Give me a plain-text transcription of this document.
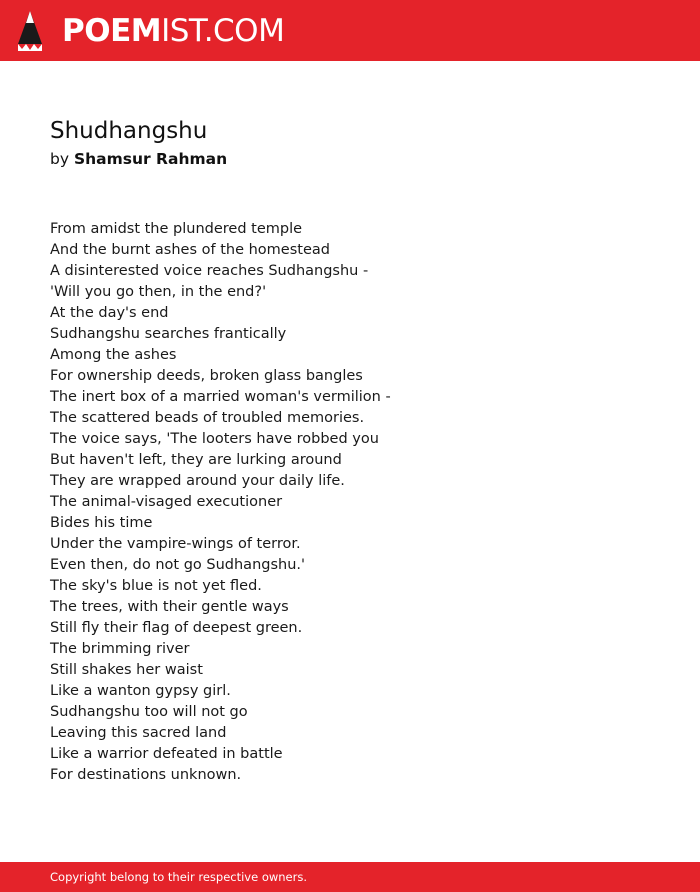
POEMIST.COM
Shudhangshu
by Shamsur Rahman
From amidst the plundered temple
And the burnt ashes of the homestead
A disinterested voice reaches Sudhangshu -
'Will you go then, in the end?'
At the day's end
Sudhangshu searches frantically
Among the ashes
For ownership deeds, broken glass bangles
The inert box of a married woman's vermilion -
The scattered beads of troubled memories.
The voice says, 'The looters have robbed you
But haven't left, they are lurking around
They are wrapped around your daily life.
The animal-visaged executioner
Bides his time
Under the vampire-wings of terror.
Even then, do not go Sudhangshu.'
The sky's blue is not yet fled.
The trees, with their gentle ways
Still fly their flag of deepest green.
The brimming river
Still shakes her waist
Like a wanton gypsy girl.
Sudhangshu too will not go
Leaving this sacred land
Like a warrior defeated in battle
For destinations unknown.
Copyright belong to their respective owners.
